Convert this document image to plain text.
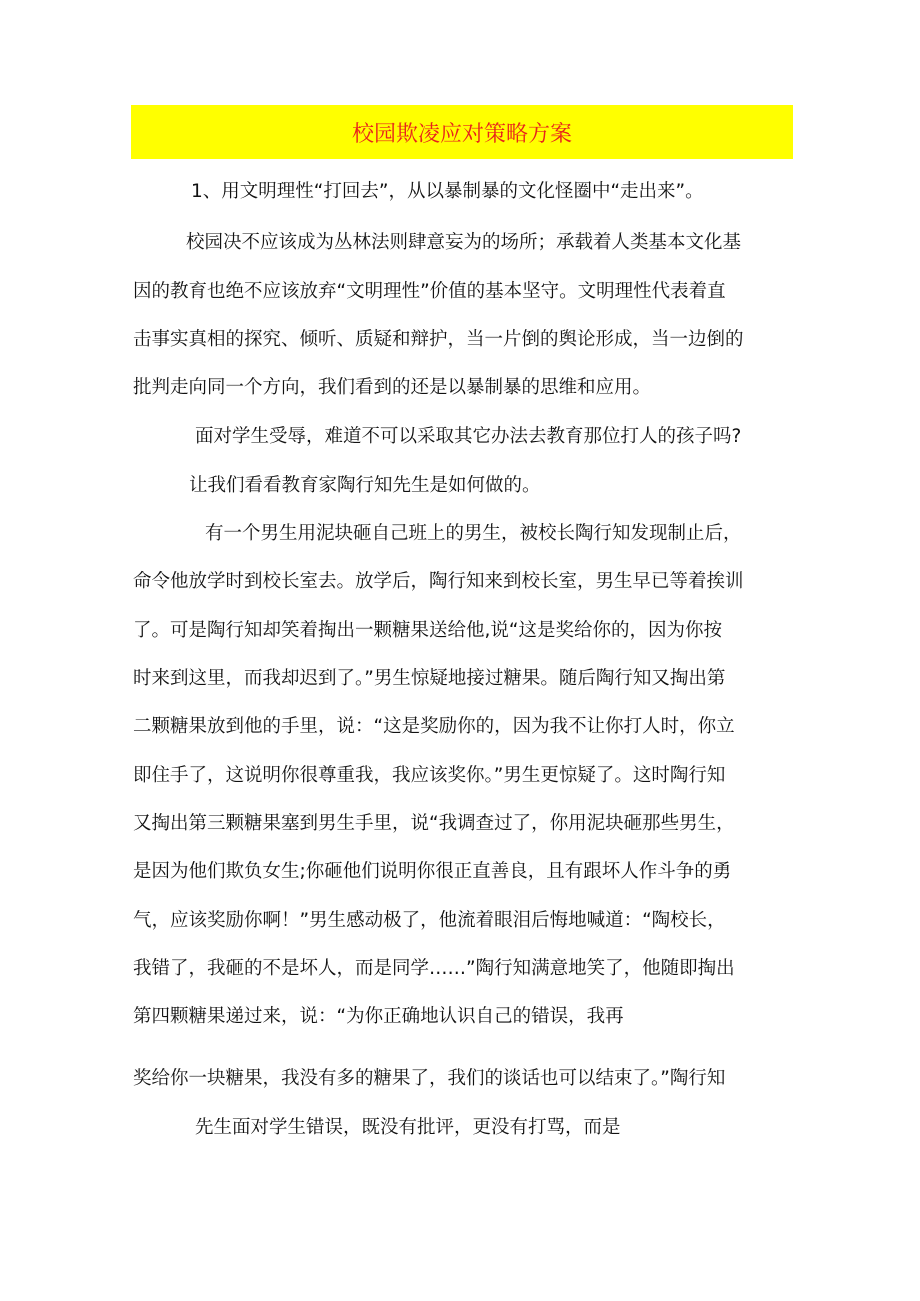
校园欺凌应对策略方案
1、用文明理性“打回去”，从以暴制暴的文化怪圈中“走出来”。
校园决不应该成为丛林法则肆意妄为的场所；承载着人类基本文化基
因的教育也绝不应该放弃“文明理性”价值的基本坚守。文明理性代表着直
击事实真相的探究、倾听、质疑和辩护，当一片倒的舆论形成，当一边倒的
批判走向同一个方向，我们看到的还是以暴制暴的思维和应用。
面对学生受辱，难道不可以采取其它办法去教育那位打人的孩子吗?
让我们看看教育家陶行知先生是如何做的。
有一个男生用泥块砸自己班上的男生，被校长陶行知发现制止后，
命令他放学时到校长室去。放学后，陶行知来到校长室，男生早已等着挨训
了。可是陶行知却笑着掏出一颗糖果送给他,说“这是奖给你的，因为你按
时来到这里，而我却迟到了。”男生惊疑地接过糖果。随后陶行知又掏出第
二颗糖果放到他的手里，说：“这是奖励你的，因为我不让你打人时，你立
即住手了，这说明你很尊重我，我应该奖你。”男生更惊疑了。这时陶行知
又掏出第三颗糖果塞到男生手里，说“我调查过了，你用泥块砸那些男生，
是因为他们欺负女生;你砸他们说明你很正直善良，且有跟坏人作斗争的勇
气，应该奖励你啊！”男生感动极了，他流着眼泪后悔地喊道：“陶校长，
我错了，我砸的不是坏人，而是同学……”陶行知满意地笑了，他随即掏出
第四颗糖果递过来，说：“为你正确地认识自己的错误，我再
奖给你一块糖果，我没有多的糖果了，我们的谈话也可以结束了。”陶行知
先生面对学生错误，既没有批评，更没有打骂，而是
